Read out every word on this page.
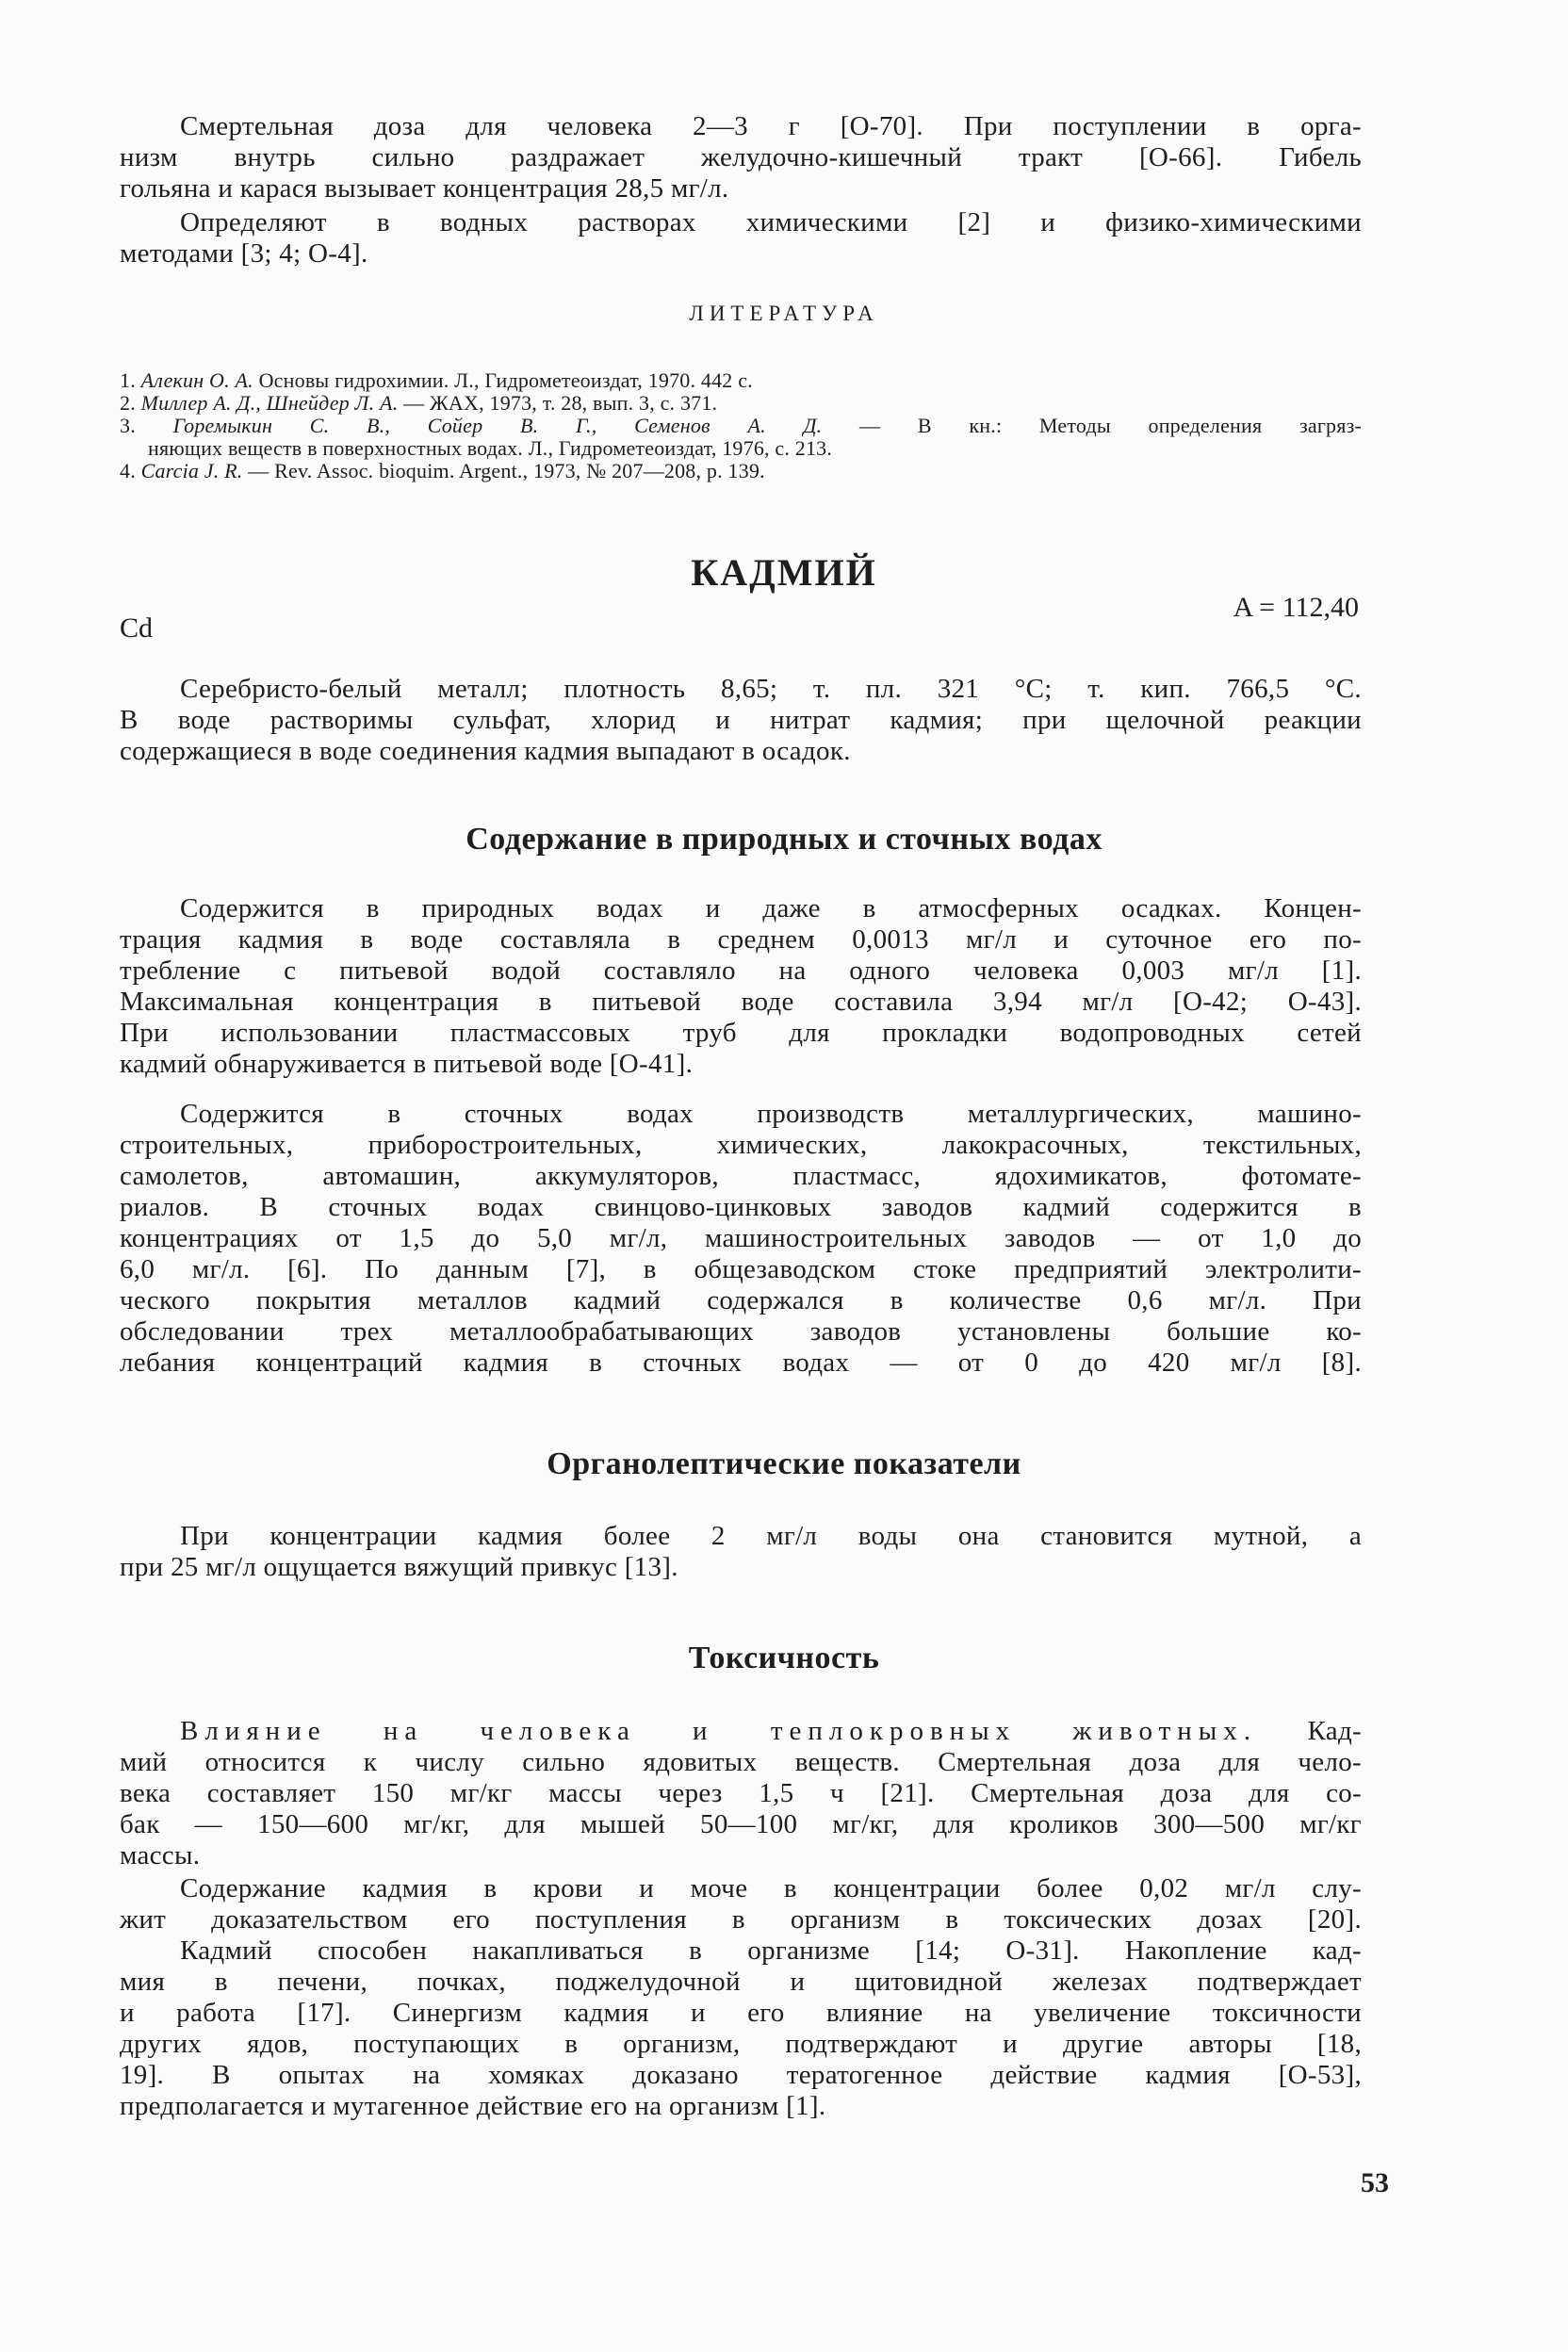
Смертельная доза для человека 2—3 г [О-70]. При поступлении в орга-
низм внутрь сильно раздражает желудочно-кишечный тракт [О-66]. Гибель
гольяна и карася вызывает концентрация 28,5 мг/л.
Определяют в водных растворах химическими [2] и физико-химическими
методами [3; 4; О-4].
ЛИТЕРАТУРА
1. Алекин О. А. Основы гидрохимии. Л., Гидрометеоиздат, 1970. 442 с.
2. Миллер А. Д., Шнейдер Л. А. — ЖАХ, 1973, т. 28, вып. 3, с. 371.
3. Горемыкин С. В., Сойер В. Г., Семенов А. Д. — В кн.: Методы определения загряз-
няющих веществ в поверхностных водах. Л., Гидрометеоиздат, 1976, с. 213.
4. Carcia J. R. — Rev. Assoc. bioquim. Argent., 1973, № 207—208, p. 139.
КАДМИЙ
Cd
A = 112,40
Серебристо-белый металл; плотность 8,65; т. пл. 321 °С; т. кип. 766,5 °С.
В воде растворимы сульфат, хлорид и нитрат кадмия; при щелочной реакции
содержащиеся в воде соединения кадмия выпадают в осадок.
Содержание в природных и сточных водах
Содержится в природных водах и даже в атмосферных осадках. Концен-
трация кадмия в воде составляла в среднем 0,0013 мг/л и суточное его по-
требление с питьевой водой составляло на одного человека 0,003 мг/л [1].
Максимальная концентрация в питьевой воде составила 3,94 мг/л [О-42; О-43].
При использовании пластмассовых труб для прокладки водопроводных сетей
кадмий обнаруживается в питьевой воде [О-41].
Содержится в сточных водах производств металлургических, машино-
строительных, приборостроительных, химических, лакокрасочных, текстильных,
самолетов, автомашин, аккумуляторов, пластмасс, ядохимикатов, фотомате-
риалов. В сточных водах свинцово-цинковых заводов кадмий содержится в
концентрациях от 1,5 до 5,0 мг/л, машиностроительных заводов — от 1,0 до
6,0 мг/л. [6]. По данным [7], в общезаводском стоке предприятий электролити-
ческого покрытия металлов кадмий содержался в количестве 0,6 мг/л. При
обследовании трех металлообрабатывающих заводов установлены большие ко-
лебания концентраций кадмия в сточных водах — от 0 до 420 мг/л [8].
Органолептические показатели
При концентрации кадмия более 2 мг/л воды она становится мутной, а
при 25 мг/л ощущается вяжущий привкус [13].
Токсичность
Влияние на человека и теплокровных животных. Кад-
мий относится к числу сильно ядовитых веществ. Смертельная доза для чело-
века составляет 150 мг/кг массы через 1,5 ч [21]. Смертельная доза для со-
бак — 150—600 мг/кг, для мышей 50—100 мг/кг, для кроликов 300—500 мг/кг
массы.
Содержание кадмия в крови и моче в концентрации более 0,02 мг/л слу-
жит доказательством его поступления в организм в токсических дозах [20].
Кадмий способен накапливаться в организме [14; О-31]. Накопление кад-
мия в печени, почках, поджелудочной и щитовидной железах подтверждает
и работа [17]. Синергизм кадмия и его влияние на увеличение токсичности
других ядов, поступающих в организм, подтверждают и другие авторы [18,
19]. В опытах на хомяках доказано тератогенное действие кадмия [О-53],
предполагается и мутагенное действие его на организм [1].
53
